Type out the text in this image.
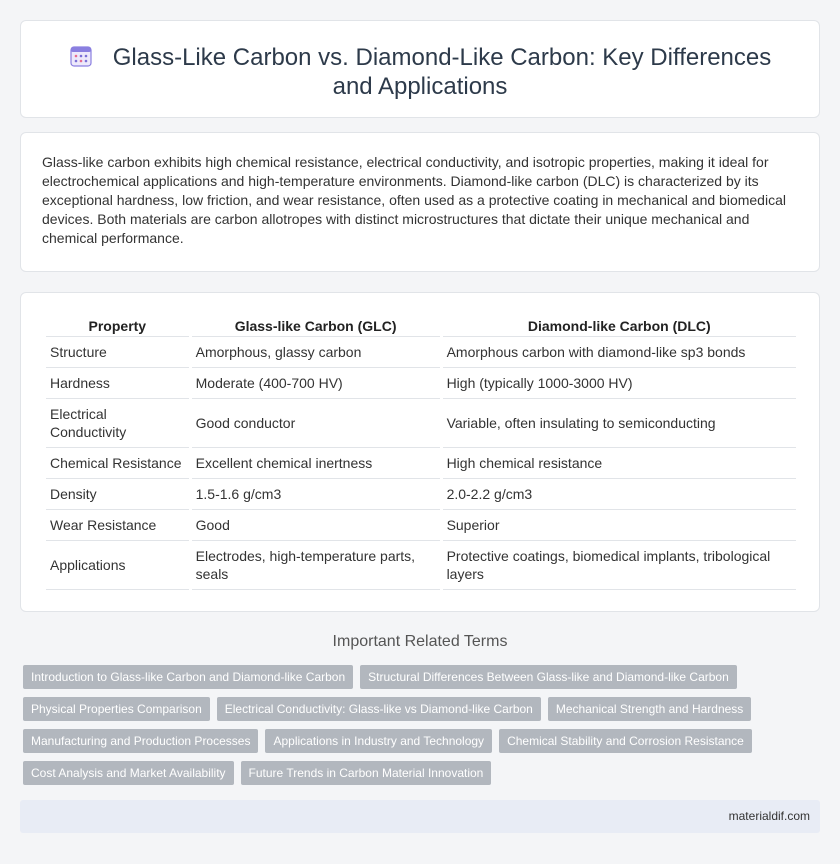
Glass-Like Carbon vs. Diamond-Like Carbon: Key Differences and Applications

Glass-like carbon exhibits high chemical resistance, electrical conductivity, and isotropic properties, making it ideal for electrochemical applications and high-temperature environments. Diamond-like carbon (DLC) is characterized by its exceptional hardness, low friction, and wear resistance, often used as a protective coating in mechanical and biomedical devices. Both materials are carbon allotropes with distinct microstructures that dictate their unique mechanical and chemical performance.

Property	Glass-like Carbon (GLC)	Diamond-like Carbon (DLC)
Structure	Amorphous, glassy carbon	Amorphous carbon with diamond-like sp3 bonds
Hardness	Moderate (400-700 HV)	High (typically 1000-3000 HV)
Electrical Conductivity	Good conductor	Variable, often insulating to semiconducting
Chemical Resistance	Excellent chemical inertness	High chemical resistance
Density	1.5-1.6 g/cm3	2.0-2.2 g/cm3
Wear Resistance	Good	Superior
Applications	Electrodes, high-temperature parts, seals	Protective coatings, biomedical implants, tribological layers
Important Related Terms
Introduction to Glass-like Carbon and Diamond-like Carbon	Structural Differences Between Glass-like and Diamond-like Carbon
Physical Properties Comparison	Electrical Conductivity: Glass-like vs Diamond-like Carbon	Mechanical Strength and Hardness
Manufacturing and Production Processes	Applications in Industry and Technology	Chemical Stability and Corrosion Resistance
Cost Analysis and Market Availability	Future Trends in Carbon Material Innovation
materialdif.com
